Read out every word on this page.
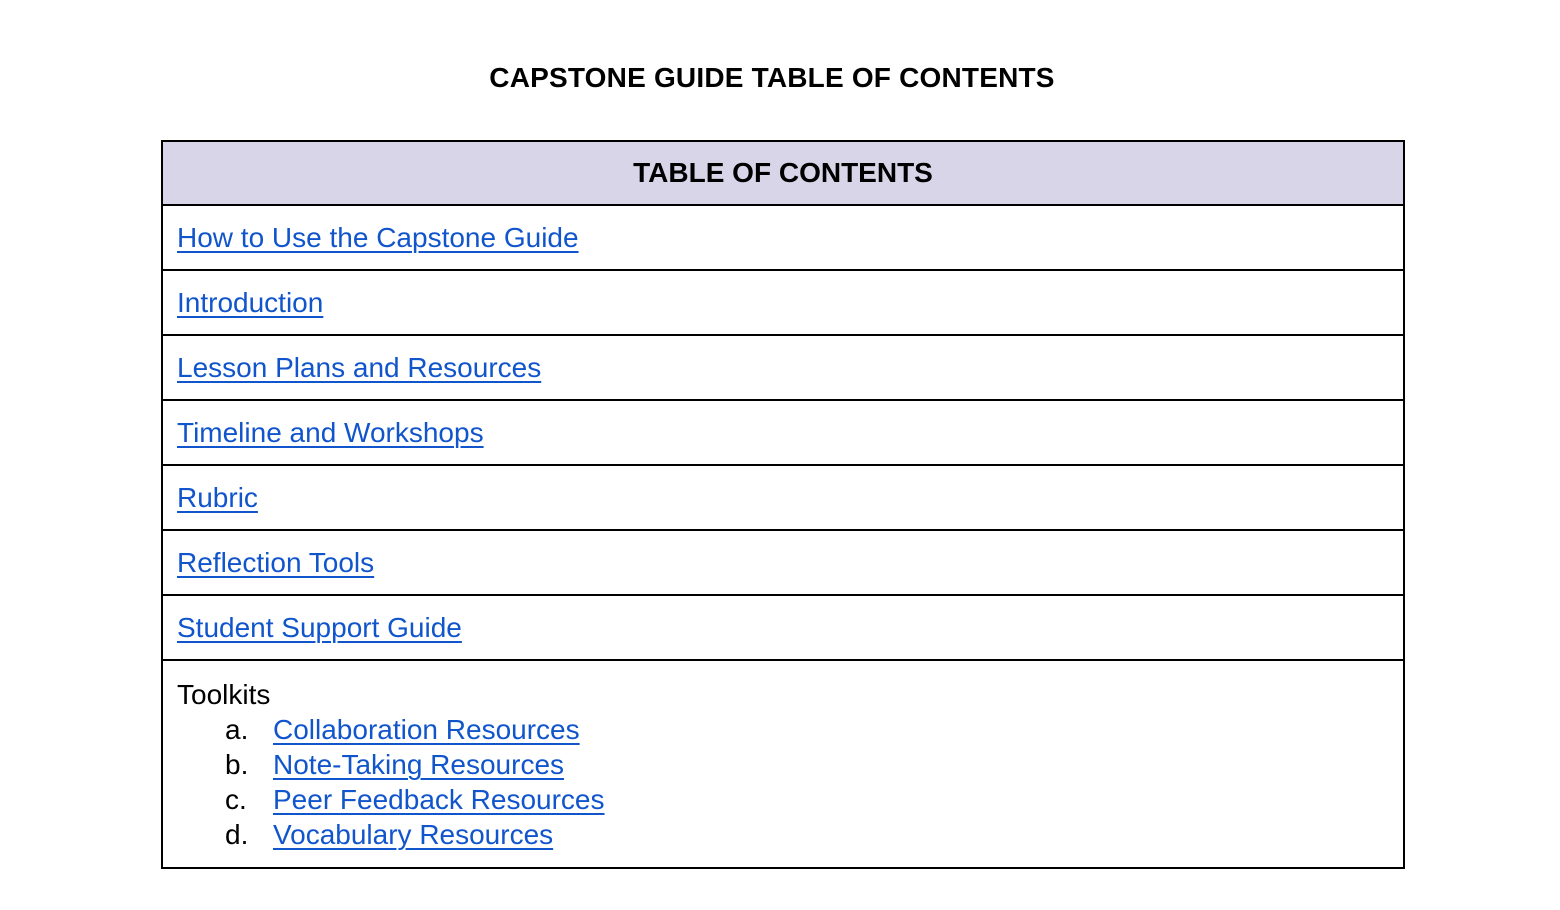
CAPSTONE GUIDE TABLE OF CONTENTS
TABLE OF CONTENTS
How to Use the Capstone Guide
Introduction
Lesson Plans and Resources
Timeline and Workshops
Rubric
Reflection Tools
Student Support Guide
Toolkits
a. Collaboration Resources
b. Note-Taking Resources
c. Peer Feedback Resources
d. Vocabulary Resources
